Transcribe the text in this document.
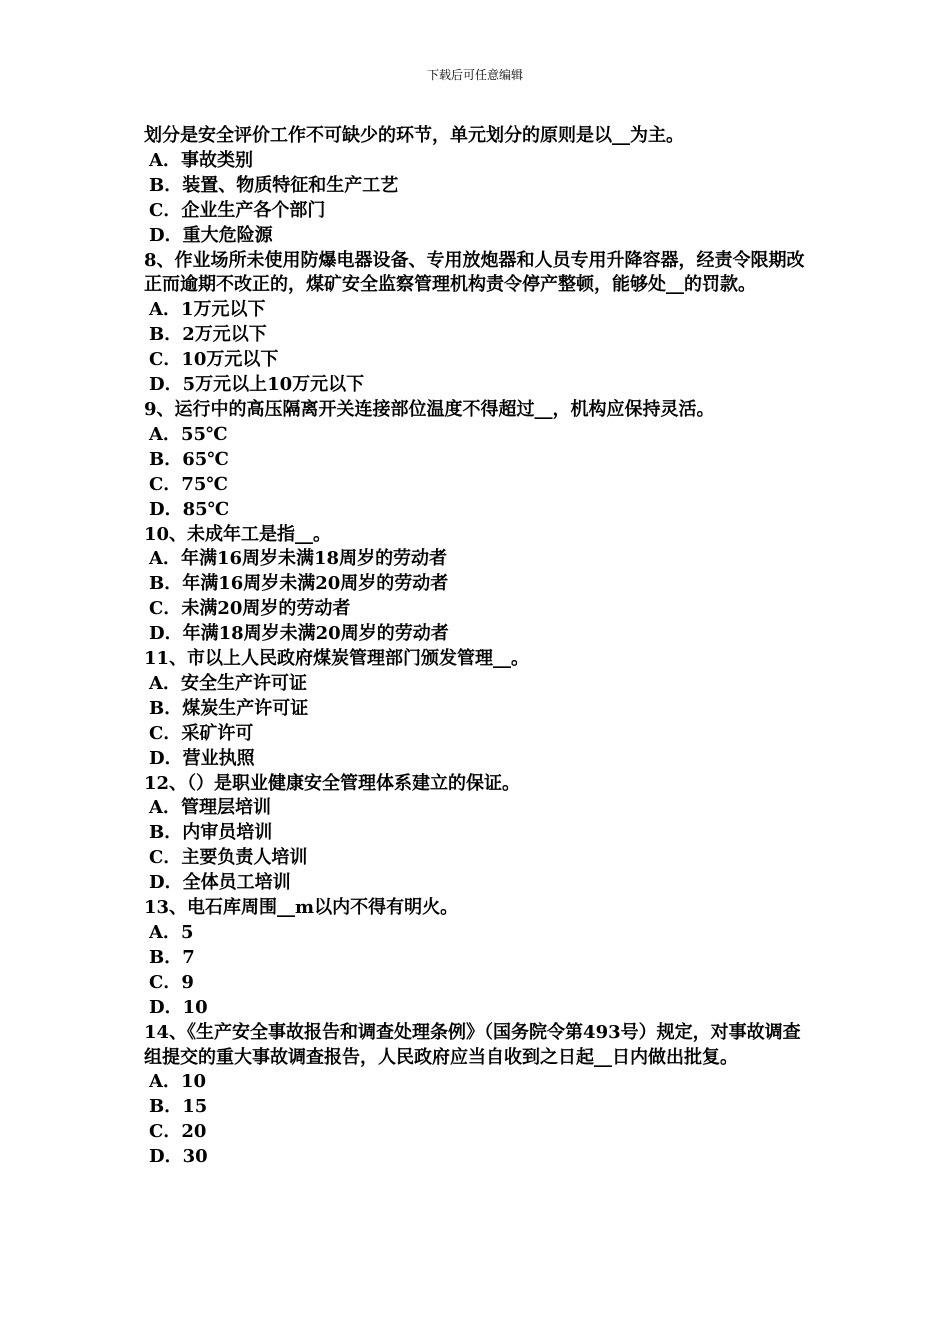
下载后可任意编辑

划分是安全评价工作不可缺少的环节，单元划分的原则是以__为主。

A．事故类别

B．装置、物质特征和生产工艺

C．企业生产各个部门

D．重大危险源

8、作业场所未使用防爆电器设备、专用放炮器和人员专用升降容器，经责令限期改正而逾期不改正的，煤矿安全监察管理机构责令停产整顿，能够处__的罚款。

A．1万元以下

B．2万元以下

C．10万元以下

D．5万元以上10万元以下

9、运行中的高压隔离开关连接部位温度不得超过__，机构应保持灵活。

A．55℃

B．65℃

C．75℃

D．85℃

10、未成年工是指__。

A．年满16周岁未满18周岁的劳动者

B．年满16周岁未满20周岁的劳动者

C．未满20周岁的劳动者

D．年满18周岁未满20周岁的劳动者

11、市以上人民政府煤炭管理部门颁发管理__。

A．安全生产许可证

B．煤炭生产许可证

C．采矿许可

D．营业执照

12、（）是职业健康安全管理体系建立的保证。

A．管理层培训

B．内审员培训

C．主要负责人培训

D．全体员工培训

13、电石库周围__m以内不得有明火。

A．5

B．7

C．9

D．10

14、《生产安全事故报告和调查处理条例》（国务院令第493号）规定，对事故调查组提交的重大事故调查报告，人民政府应当自收到之日起__日内做出批复。

A．10

B．15

C．20

D．30
